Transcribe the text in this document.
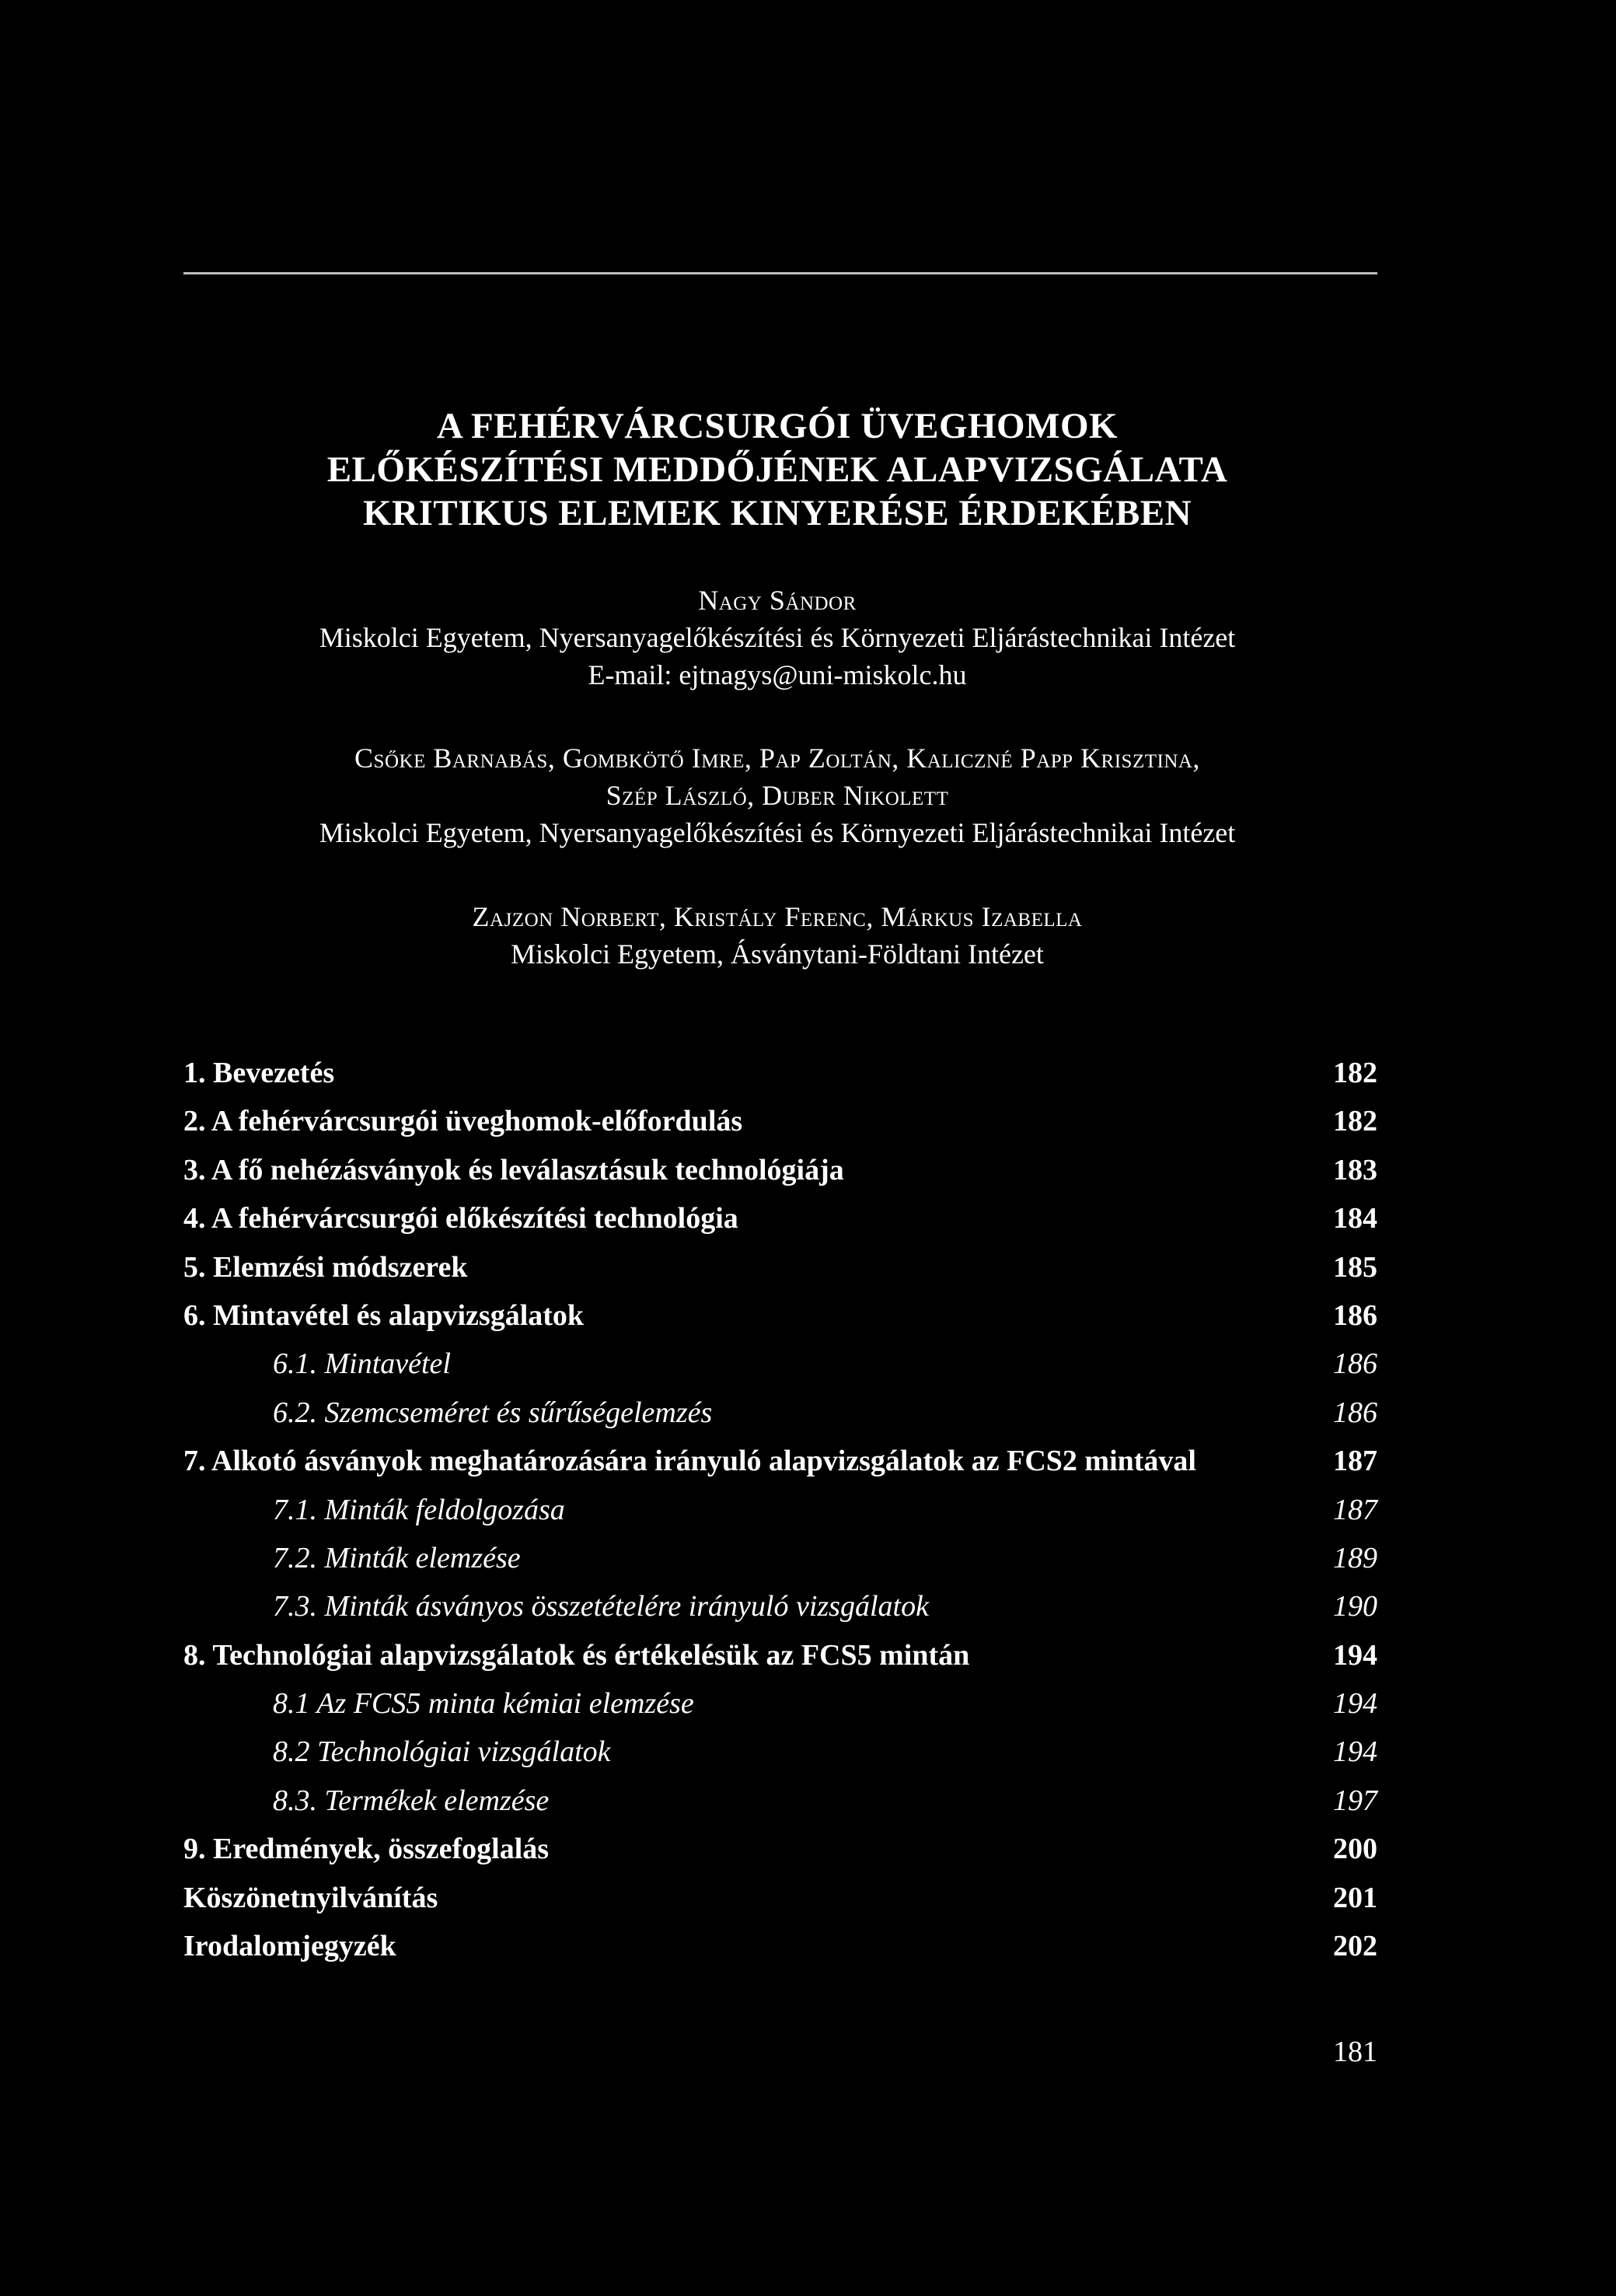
A FEHÉRVÁRCSURGÓI ÜVEGHOMOK
ELŐKÉSZÍTÉSI MEDDŐJÉNEK ALAPVIZSGÁLATA
KRITIKUS ELEMEK KINYERÉSE ÉRDEKÉBEN
Nagy Sándor
Miskolci Egyetem, Nyersanyagelőkészítési és Környezeti Eljárástechnikai Intézet
E-mail: ejtnagys@uni-miskolc.hu
Csőke Barnabás, Gombkötő Imre, Pap Zoltán, Kaliczné Papp Krisztina,
Szép László, Duber Nikolett
Miskolci Egyetem, Nyersanyagelőkészítési és Környezeti Eljárástechnikai Intézet
Zajzon Norbert, Kristály Ferenc, Márkus Izabella
Miskolci Egyetem, Ásványtani-Földtani Intézet
1. Bevezetés	182
2. A fehérvárcsurgói üveghomok-előfordulás	182
3. A fő nehézásványok és leválasztásuk technológiája	183
4. A fehérvárcsurgói előkészítési technológia	184
5. Elemzési módszerek	185
6. Mintavétel és alapvizsgálatok	186
6.1. Mintavétel	186
6.2. Szemcseméret és sűrűségelemzés	186
7. Alkotó ásványok meghatározására irányuló alapvizsgálatok az FCS2 mintával	187
7.1. Minták feldolgozása	187
7.2. Minták elemzése	189
7.3. Minták ásványos összetételére irányuló vizsgálatok	190
8. Technológiai alapvizsgálatok és értékelésük az FCS5 mintán	194
8.1 Az FCS5 minta kémiai elemzése	194
8.2 Technológiai vizsgálatok	194
8.3. Termékek elemzése	197
9. Eredmények, összefoglalás	200
Köszönetnyilvánítás	201
Irodalomjegyzék	202
181
